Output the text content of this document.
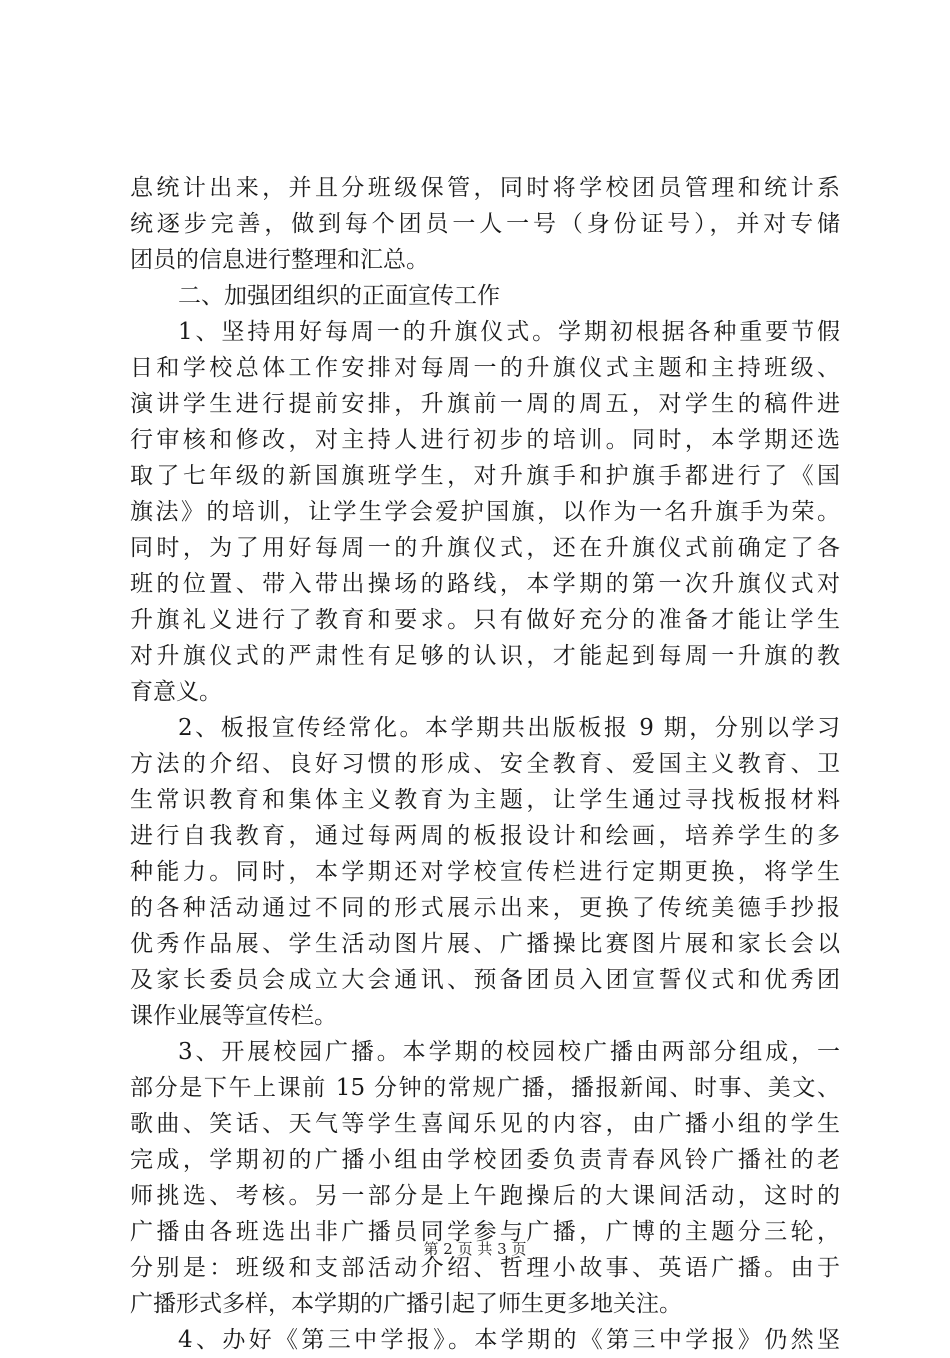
息统计出来，并且分班级保管，同时将学校团员管理和统计系
统逐步完善，做到每个团员一人一号（身份证号），并对专储
团员的信息进行整理和汇总。
二、加强团组织的正面宣传工作
1、坚持用好每周一的升旗仪式。学期初根据各种重要节假
日和学校总体工作安排对每周一的升旗仪式主题和主持班级、
演讲学生进行提前安排，升旗前一周的周五，对学生的稿件进
行审核和修改，对主持人进行初步的培训。同时，本学期还选
取了七年级的新国旗班学生，对升旗手和护旗手都进行了《国
旗法》的培训，让学生学会爱护国旗，以作为一名升旗手为荣。
同时，为了用好每周一的升旗仪式，还在升旗仪式前确定了各
班的位置、带入带出操场的路线，本学期的第一次升旗仪式对
升旗礼义进行了教育和要求。只有做好充分的准备才能让学生
对升旗仪式的严肃性有足够的认识，才能起到每周一升旗的教
育意义。
2、板报宣传经常化。本学期共出版板报 9 期，分别以学习
方法的介绍、良好习惯的形成、安全教育、爱国主义教育、卫
生常识教育和集体主义教育为主题，让学生通过寻找板报材料
进行自我教育，通过每两周的板报设计和绘画，培养学生的多
种能力。同时，本学期还对学校宣传栏进行定期更换，将学生
的各种活动通过不同的形式展示出来，更换了传统美德手抄报
优秀作品展、学生活动图片展、广播操比赛图片展和家长会以
及家长委员会成立大会通讯、预备团员入团宣誓仪式和优秀团
课作业展等宣传栏。
3、开展校园广播。本学期的校园校广播由两部分组成，一
部分是下午上课前 15 分钟的常规广播，播报新闻、时事、美文、
歌曲、笑话、天气等学生喜闻乐见的内容，由广播小组的学生
完成，学期初的广播小组由学校团委负责青春风铃广播社的老
师挑选、考核。另一部分是上午跑操后的大课间活动，这时的
广播由各班选出非广播员同学参与广播，广博的主题分三轮，
分别是：班级和支部活动介绍、哲理小故事、英语广播。由于
广播形式多样，本学期的广播引起了师生更多地关注。
4、办好《第三中学报》。本学期的《第三中学报》仍然坚
第 2 页 共 3 页
